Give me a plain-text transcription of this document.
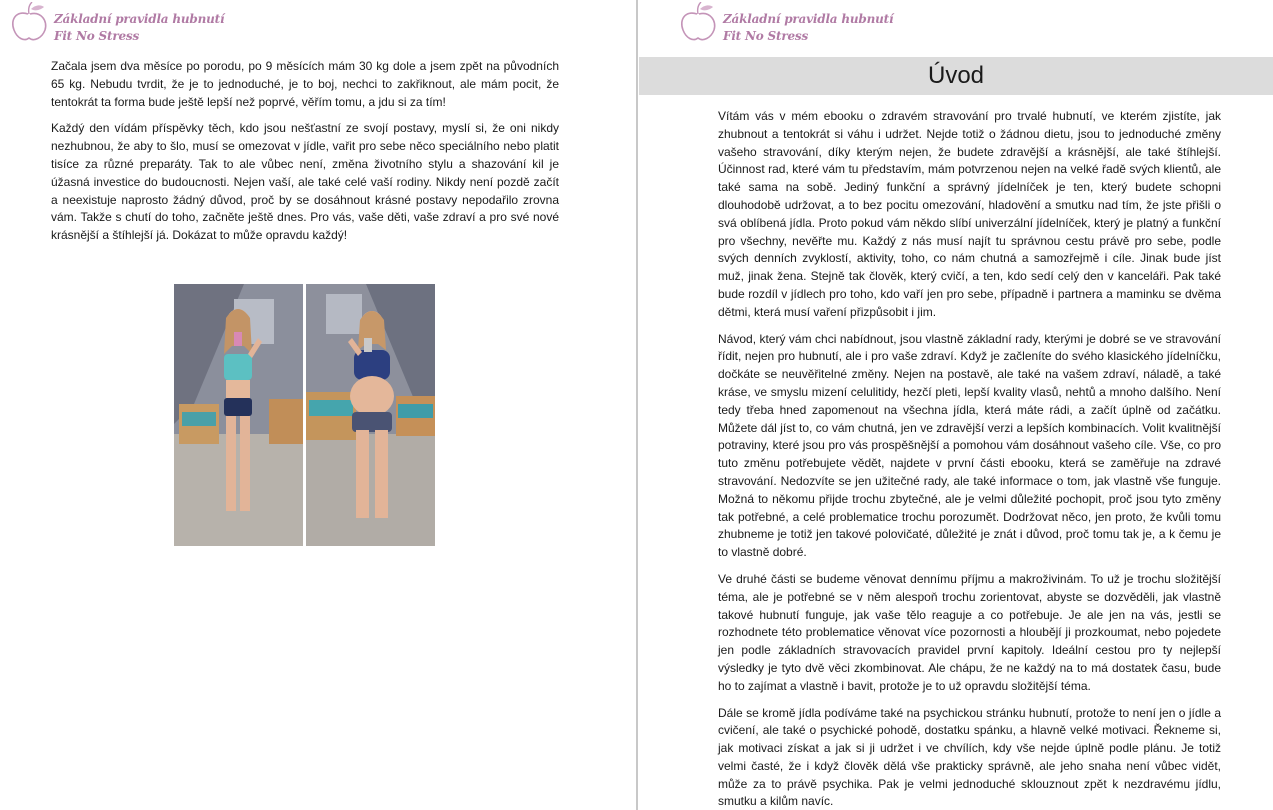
Základní pravidla hubnutí
Fit No Stress

Začala jsem dva měsíce po porodu, po 9 měsících mám 30 kg dole a jsem zpět na původních 65 kg. Nebudu tvrdit, že je to jednoduché, je to boj, nechci to zakřiknout, ale mám pocit, že tentokrát ta forma bude ještě lepší než poprvé, věřím tomu, a jdu si za tím!

Každý den vídám příspěvky těch, kdo jsou nešťastní ze svojí postavy, myslí si, že oni nikdy nezhubnou, že aby to šlo, musí se omezovat v jídle, vařit pro sebe něco speciálního nebo platit tisíce za různé preparáty. Tak to ale vůbec není, změna životního stylu a shazování kil je úžasná investice do budoucnosti. Nejen vaší, ale také celé vaší rodiny. Nikdy není pozdě začít a neexistuje naprosto žádný důvod, proč by se dosáhnout krásné postavy nepodařilo zrovna vám. Takže s chutí do toho, začněte ještě dnes. Pro vás, vaše děti, vaše zdraví a pro své nové krásnější a štíhlejší já. Dokázat to může opravdu každý!

Základní pravidla hubnutí
Fit No Stress
Úvod

Vítám vás v mém ebooku o zdravém stravování pro trvalé hubnutí, ve kterém zjistíte, jak zhubnout a tentokrát si váhu i udržet. Nejde totiž o žádnou dietu, jsou to jednoduché změny vašeho stravování, díky kterým nejen, že budete zdravější a krásnější, ale také štíhlejší. Účinnost rad, které vám tu představím, mám potvrzenou nejen na velké řadě svých klientů, ale také sama na sobě. Jediný funkční a správný jídelníček je ten, který budete schopni dlouhodobě udržovat, a to bez pocitu omezování, hladovění a smutku nad tím, že jste přišli o svá oblíbená jídla. Proto pokud vám někdo slíbí univerzální jídelníček, který je platný a funkční pro všechny, nevěřte mu. Každý z nás musí najít tu správnou cestu právě pro sebe, podle svých denních zvyklostí, aktivity, toho, co nám chutná a samozřejmě i cíle. Jinak bude jíst muž, jinak žena. Stejně tak člověk, který cvičí, a ten, kdo sedí celý den v kanceláři. Pak také bude rozdíl v jídlech pro toho, kdo vaří jen pro sebe, případně i partnera a maminku se dvěma dětmi, která musí vaření přizpůsobit i jim.

Návod, který vám chci nabídnout, jsou vlastně základní rady, kterými je dobré se ve stravování řídit, nejen pro hubnutí, ale i pro vaše zdraví. Když je začleníte do svého klasického jídelníčku, dočkáte se neuvěřitelné změny. Nejen na postavě, ale také na vašem zdraví, náladě, a také kráse, ve smyslu mizení celulitidy, hezčí pleti, lepší kvality vlasů, nehtů a mnoho dalšího. Není tedy třeba hned zapomenout na všechna jídla, která máte rádi, a začít úplně od začátku. Můžete dál jíst to, co vám chutná, jen ve zdravější verzi a lepších kombinacích. Volit kvalitnější potraviny, které jsou pro vás prospěšnější a pomohou vám dosáhnout vašeho cíle. Vše, co pro tuto změnu potřebujete vědět, najdete v první části ebooku, která se zaměřuje na zdravé stravování. Nedozvíte se jen užitečné rady, ale také informace o tom, jak vlastně vše funguje. Možná to někomu přijde trochu zbytečné, ale je velmi důležité pochopit, proč jsou tyto změny tak potřebné, a celé problematice trochu porozumět. Dodržovat něco, jen proto, že kvůli tomu zhubneme je totiž jen takové polovičaté, důležité je znát i důvod, proč tomu tak je, a k čemu je to vlastně dobré.

Ve druhé části se budeme věnovat dennímu příjmu a makroživinám. To už je trochu složitější téma, ale je potřebné se v něm alespoň trochu zorientovat, abyste se dozvěděli, jak vlastně takové hubnutí funguje, jak vaše tělo reaguje a co potřebuje. Je ale jen na vás, jestli se rozhodnete této problematice věnovat více pozornosti a hloubějí ji prozkoumat, nebo pojedete jen podle základních stravovacích pravidel první kapitoly. Ideální cestou pro ty nejlepší výsledky je tyto dvě věci zkombinovat. Ale chápu, že ne každý na to má dostatek času, bude ho to zajímat a vlastně i bavit, protože je to už opravdu složitější téma.

Dále se kromě jídla podíváme také na psychickou stránku hubnutí, protože to není jen o jídle a cvičení, ale také o psychické pohodě, dostatku spánku, a hlavně velké motivaci. Řekneme si, jak motivaci získat a jak si ji udržet i ve chvílích, kdy vše nejde úplně podle plánu. Je totiž velmi časté, že i když člověk dělá vše prakticky správně, ale jeho snaha není vůbec vidět, může za to právě psychika. Pak je velmi jednoduché sklouznout zpět k nezdravému jídlu, smutku a kilům navíc.
